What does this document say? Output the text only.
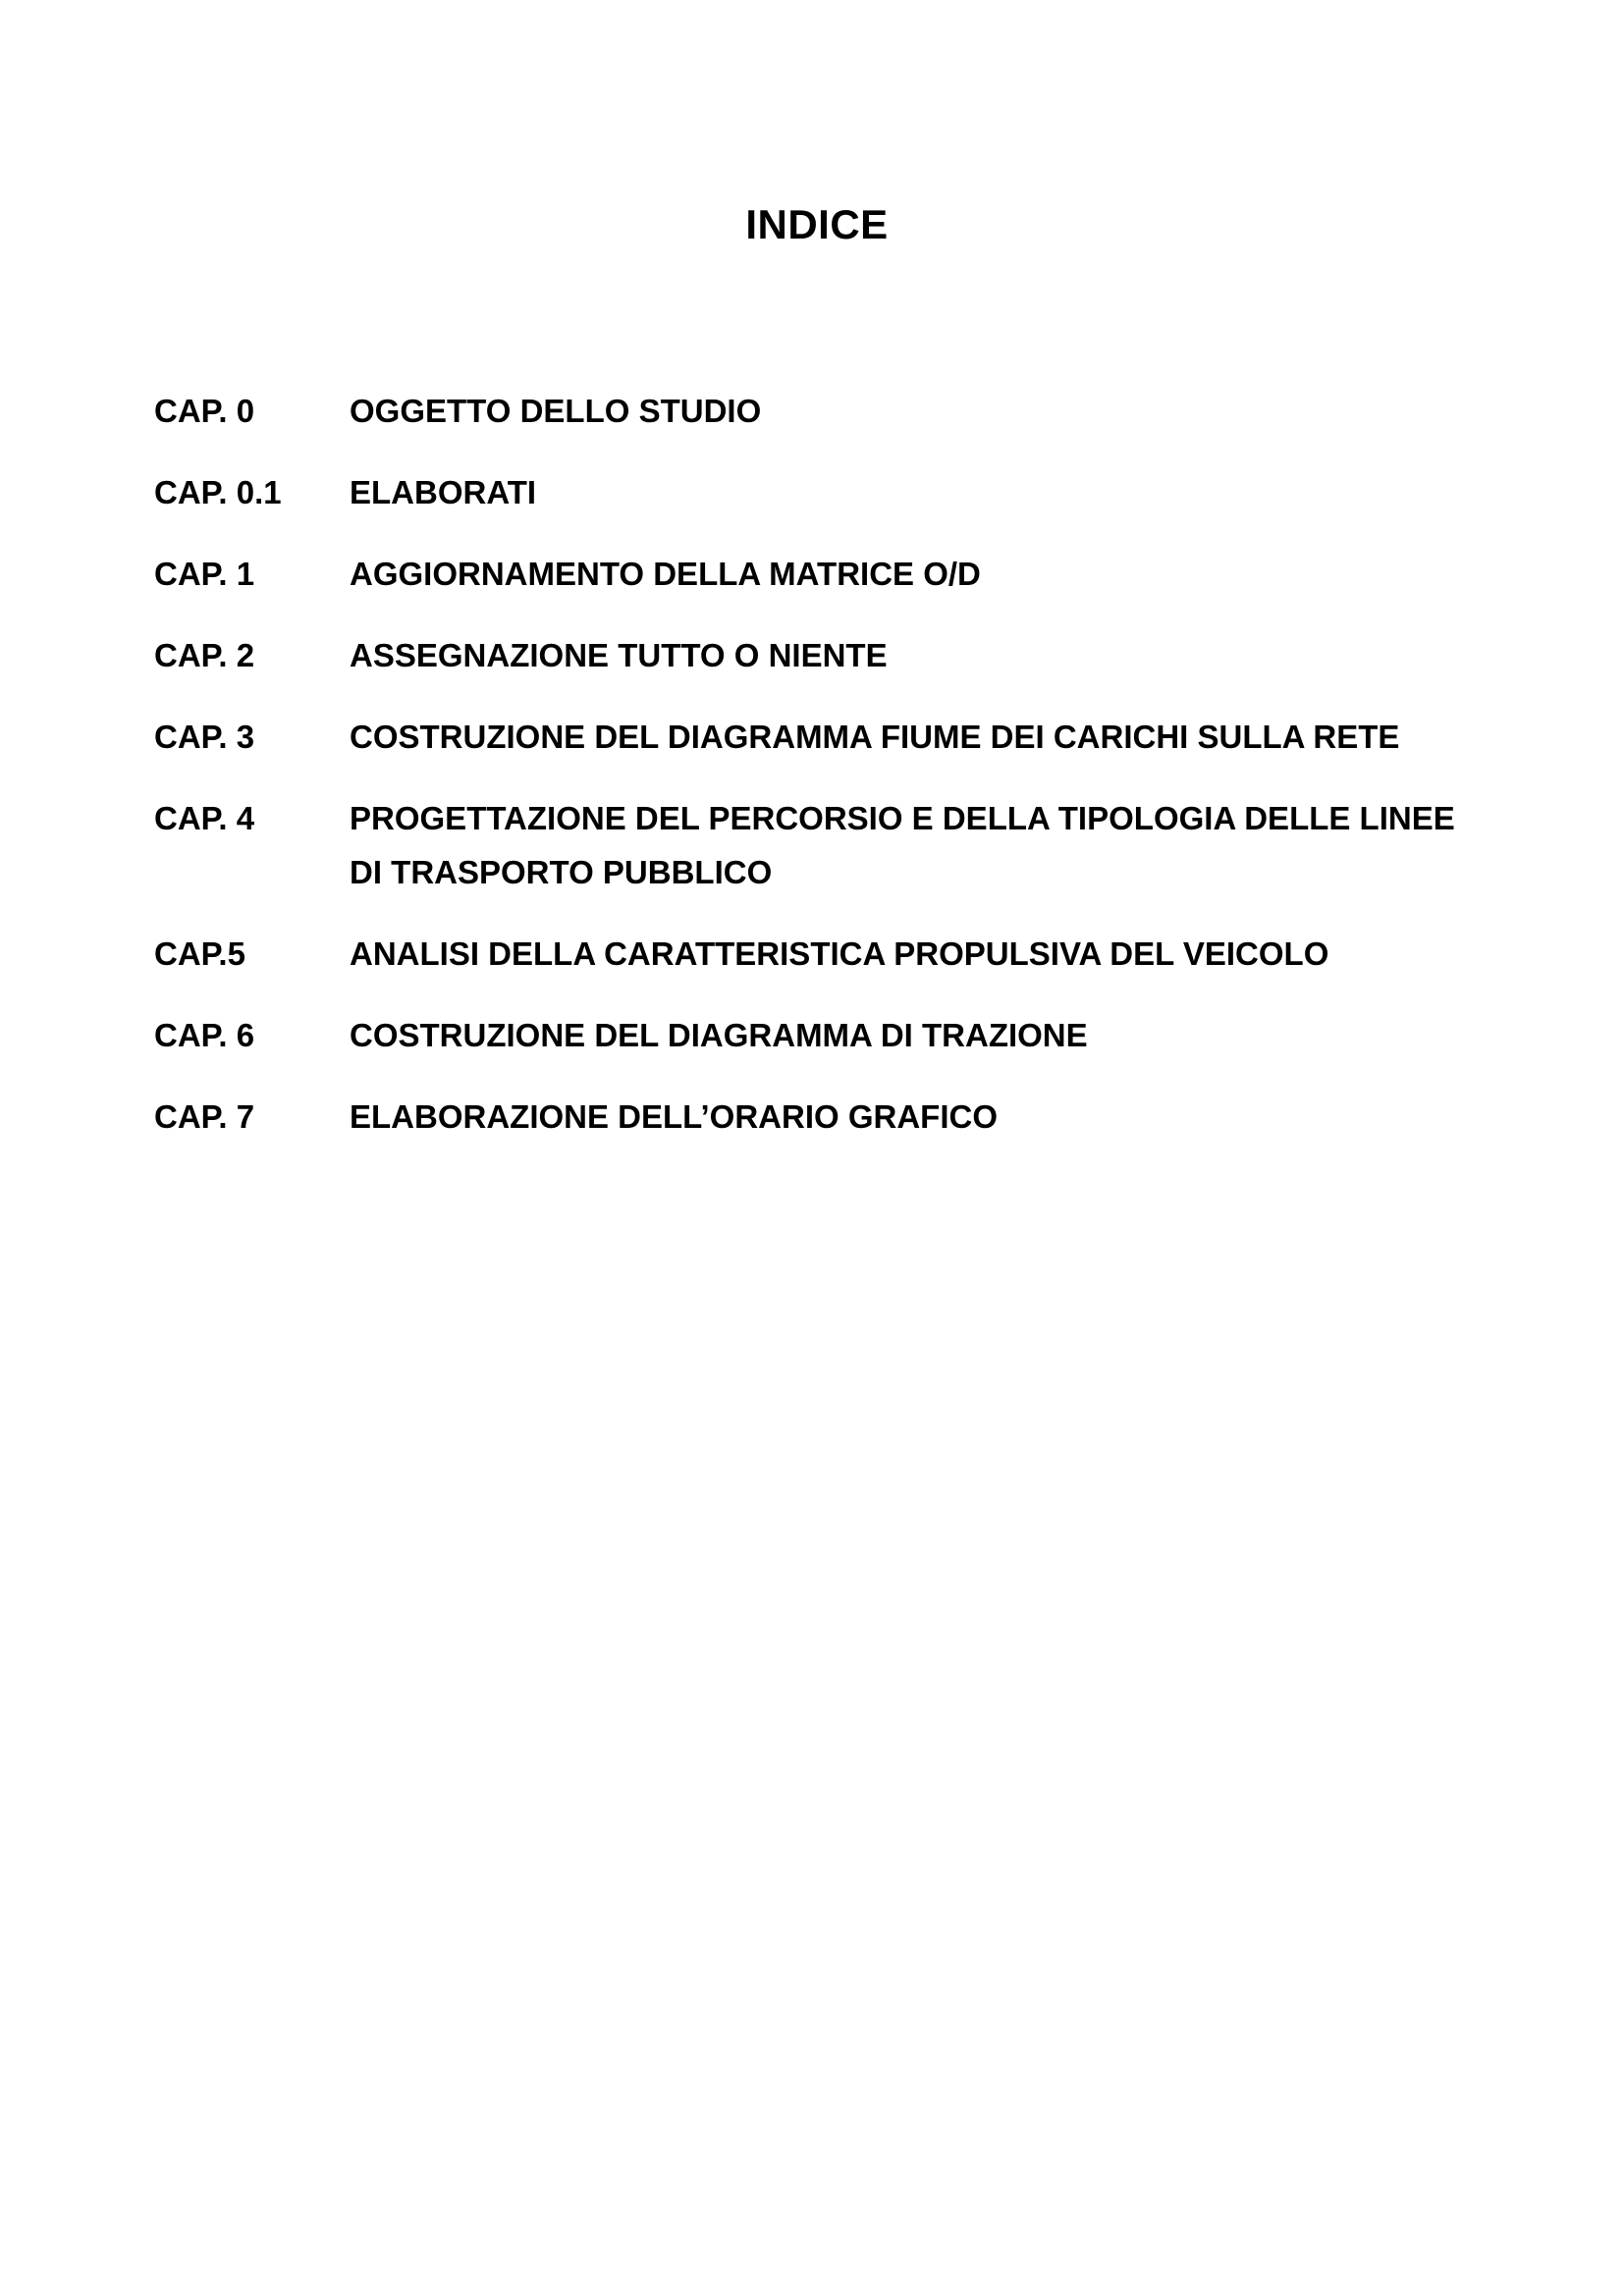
INDICE
CAP. 0	OGGETTO DELLO STUDIO
CAP. 0.1	ELABORATI
CAP. 1	AGGIORNAMENTO DELLA MATRICE O/D
CAP. 2	ASSEGNAZIONE TUTTO O NIENTE
CAP. 3	COSTRUZIONE DEL DIAGRAMMA FIUME DEI CARICHI SULLA RETE
CAP. 4	PROGETTAZIONE DEL PERCORSIO E DELLA TIPOLOGIA DELLE LINEE DI TRASPORTO PUBBLICO
CAP.5	ANALISI DELLA CARATTERISTICA PROPULSIVA DEL VEICOLO
CAP. 6	COSTRUZIONE DEL DIAGRAMMA DI TRAZIONE
CAP. 7	ELABORAZIONE DELL’ORARIO GRAFICO
